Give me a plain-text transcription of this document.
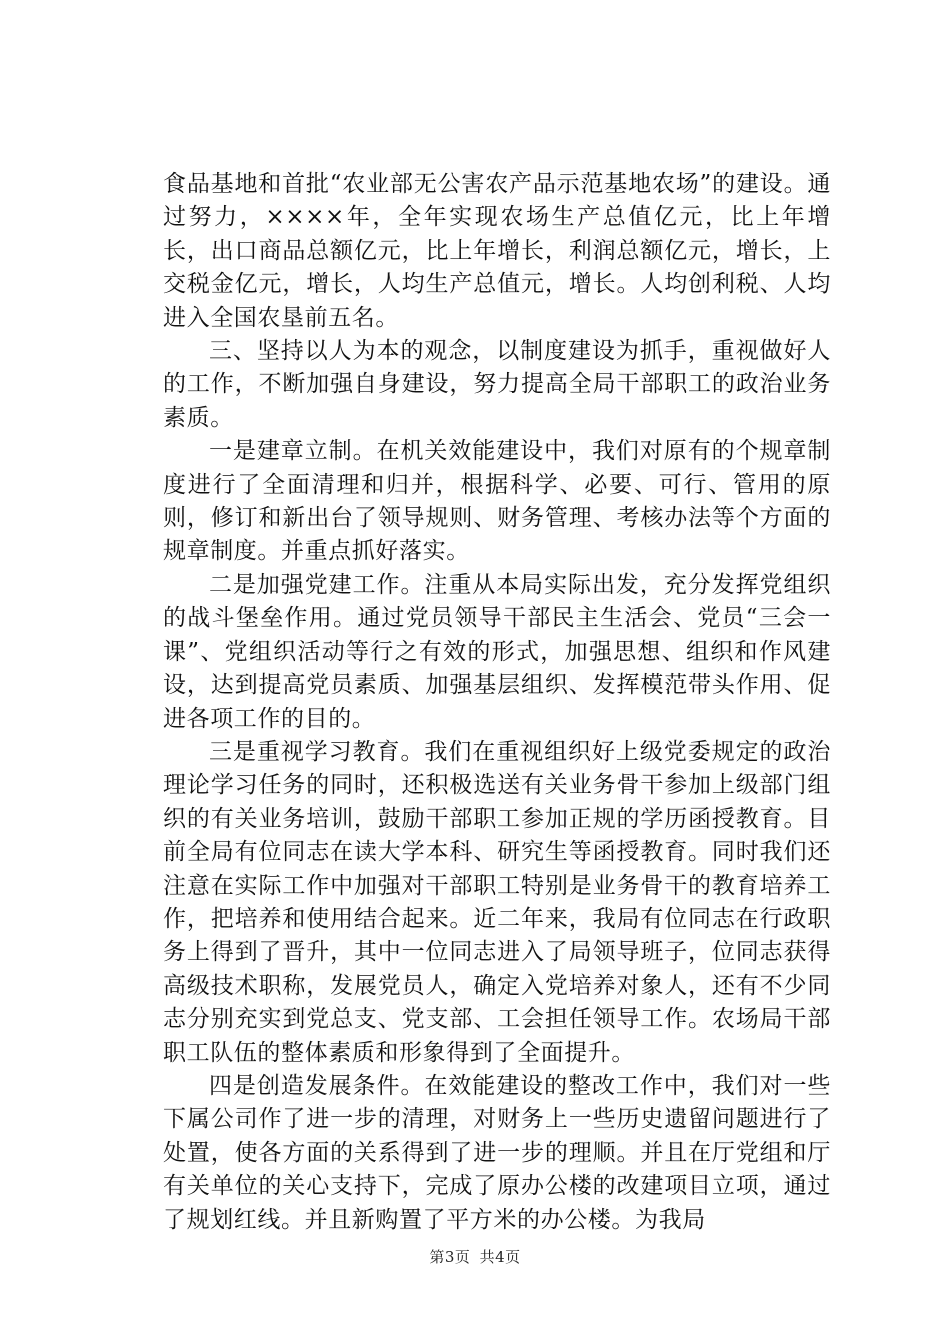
食品基地和首批“农业部无公害农产品示范基地农场”的建设。通过努力，××××年，全年实现农场生产总值亿元，比上年增长，出口商品总额亿元，比上年增长，利润总额亿元，增长，上交税金亿元，增长，人均生产总值元，增长。人均创利税、人均进入全国农垦前五名。

三、坚持以人为本的观念，以制度建设为抓手，重视做好人的工作，不断加强自身建设，努力提高全局干部职工的政治业务素质。

一是建章立制。在机关效能建设中，我们对原有的个规章制度进行了全面清理和归并，根据科学、必要、可行、管用的原则，修订和新出台了领导规则、财务管理、考核办法等个方面的规章制度。并重点抓好落实。

二是加强党建工作。注重从本局实际出发，充分发挥党组织的战斗堡垒作用。通过党员领导干部民主生活会、党员“三会一课”、党组织活动等行之有效的形式，加强思想、组织和作风建设，达到提高党员素质、加强基层组织、发挥模范带头作用、促进各项工作的目的。

三是重视学习教育。我们在重视组织好上级党委规定的政治理论学习任务的同时，还积极选送有关业务骨干参加上级部门组织的有关业务培训，鼓励干部职工参加正规的学历函授教育。目前全局有位同志在读大学本科、研究生等函授教育。同时我们还注意在实际工作中加强对干部职工特别是业务骨干的教育培养工作，把培养和使用结合起来。近二年来，我局有位同志在行政职务上得到了晋升，其中一位同志进入了局领导班子，位同志获得高级技术职称，发展党员人，确定入党培养对象人，还有不少同志分别充实到党总支、党支部、工会担任领导工作。农场局干部职工队伍的整体素质和形象得到了全面提升。

四是创造发展条件。在效能建设的整改工作中，我们对一些下属公司作了进一步的清理，对财务上一些历史遗留问题进行了处置，使各方面的关系得到了进一步的理顺。并且在厅党组和厅有关单位的关心支持下，完成了原办公楼的改建项目立项，通过了规划红线。并且新购置了平方米的办公楼。为我局

第3页 共4页
